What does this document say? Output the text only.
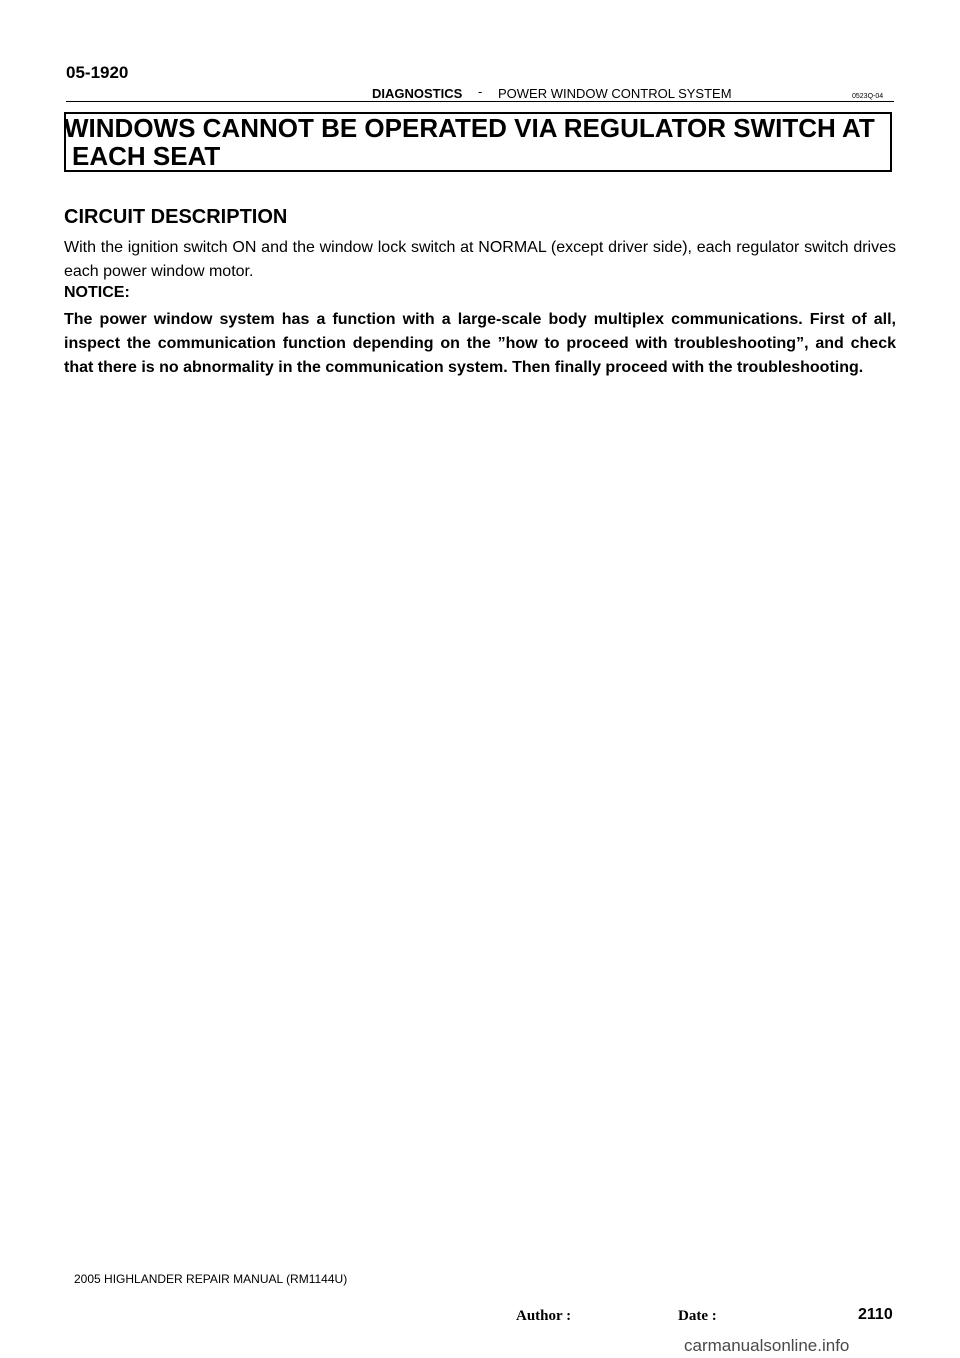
05-1920
DIAGNOSTICS - POWER WINDOW CONTROL SYSTEM	0523Q-04
WINDOWS CANNOT BE OPERATED VIA REGULATOR SWITCH AT
EACH SEAT
CIRCUIT DESCRIPTION
With the ignition switch ON and the window lock switch at NORMAL (except driver side), each regulator switch drives each power window motor.
NOTICE:
The power window system has a function with a large-scale body multiplex communications. First of all, inspect the communication function depending on the ”how to proceed with troubleshooting”, and check that there is no abnormality in the communication system. Then finally proceed with the troubleshooting.
2005 HIGHLANDER REPAIR MANUAL (RM1144U)
Author :	Date :	2110
carmanualsonline.info
